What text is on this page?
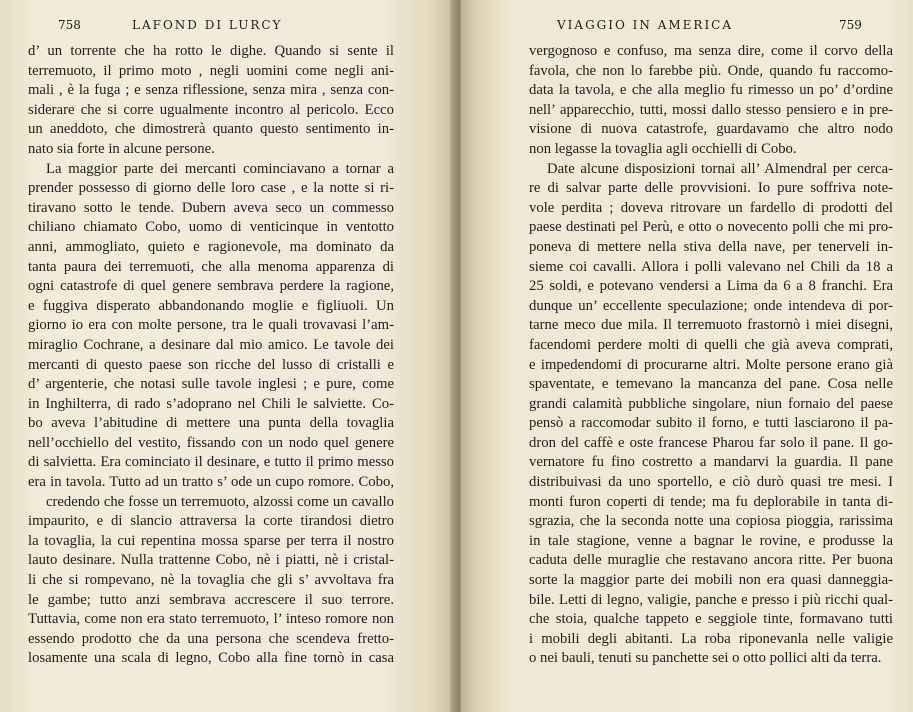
758	LAFOND DI LURCY
d’ un torrente che ha rotto le dighe. Quando si sente il
terremuoto, il primo moto , negli uomini come negli ani-
mali , è la fuga ; e senza riflessione, senza mira , senza con-
siderare che si corre ugualmente incontro al pericolo. Ecco
un aneddoto, che dimostrerà quanto questo sentimento in-
nato sia forte in alcune persone.
La maggior parte dei mercanti cominciavano a tornar a
prender possesso di giorno delle loro case , e la notte si ri-
tiravano sotto le tende. Dubern aveva seco un commesso
chiliano chiamato Cobo, uomo di venticinque in ventotto
anni, ammogliato, quieto e ragionevole, ma dominato da
tanta paura dei terremuoti, che alla menoma apparenza di
ogni catastrofe di quel genere sembrava perdere la ragione,
e fuggiva disperato abbandonando moglie e figliuoli. Un
giorno io era con molte persone, tra le quali trovavasi l’am-
miraglio Cochrane, a desinare dal mio amico. Le tavole dei
mercanti di questo paese son ricche del lusso di cristalli e
d’ argenterie, che notasi sulle tavole inglesi ; e pure, come
in Inghilterra, di rado s’adoprano nel Chili le salviette. Co-
bo aveva l’abitudine di mettere una punta della tovaglia
nell’occhiello del vestito, fissando con un nodo quel genere
di salvietta. Era cominciato il desinare, e tutto il primo messo
era in tavola. Tutto ad un tratto s’ ode un cupo romore. Cobo,
credendo che fosse un terremuoto, alzossi come un cavallo
impaurito, e di slancio attraversa la corte tirandosi dietro
la tovaglia, la cui repentina mossa sparse per terra il nostro
lauto desinare. Nulla trattenne Cobo, nè i piatti, nè i cristal-
li che si rompevano, nè la tovaglia che gli s’ avvoltava fra
le gambe; tutto anzi sembrava accrescere il suo terrore.
Tuttavia, come non era stato terremuoto, l’ inteso romore non
essendo prodotto che da una persona che scendeva fretto-
losamente una scala di legno, Cobo alla fine tornò in casa
VIAGGIO IN AMERICA	759
vergognoso e confuso, ma senza dire, come il corvo della
favola, che non lo farebbe più. Onde, quando fu raccomo-
data la tavola, e che alla meglio fu rimesso un po’ d’ordine
nell’ apparecchio, tutti, mossi dallo stesso pensiero e in pre-
visione di nuova catastrofe, guardavamo che altro nodo
non legasse la tovaglia agli occhielli di Cobo.
Date alcune disposizioni tornai all’ Almendral per cerca-
re di salvar parte delle provvisioni. Io pure soffriva note-
vole perdita ; doveva ritrovare un fardello di prodotti del
paese destinati pel Perù, e otto o novecento polli che mi pro-
poneva di mettere nella stiva della nave, per tenerveli in-
sieme coi cavalli. Allora i polli valevano nel Chili da 18 a
25 soldi, e potevano vendersi a Lima da 6 a 8 franchi. Era
dunque un’ eccellente speculazione; onde intendeva di por-
tarne meco due mila. Il terremuoto frastornò i miei disegni,
facendomi perdere molti di quelli che già aveva comprati,
e impedendomi di procurarne altri. Molte persone erano già
spaventate, e temevano la mancanza del pane. Cosa nelle
grandi calamità pubbliche singolare, niun fornaio del paese
pensò a raccomodar subito il forno, e tutti lasciarono il pa-
dron del caffè e oste francese Pharou far solo il pane. Il go-
vernatore fu fino costretto a mandarvi la guardia. Il pane
distribuivasi da uno sportello, e ciò durò quasi tre mesi. I
monti furon coperti di tende; ma fu deplorabile in tanta di-
sgrazia, che la seconda notte una copiosa pioggia, rarissima
in tale stagione, venne a bagnar le rovine, e produsse la
caduta delle muraglie che restavano ancora ritte. Per buona
sorte la maggior parte dei mobili non era quasi danneggia-
bile. Letti di legno, valigie, panche e presso i più ricchi qual-
che stoia, qualche tappeto e seggiole tinte, formavano tutti
i mobili degli abitanti. La roba riponevanla nelle valigie
o nei bauli, tenuti su panchette sei o otto pollici alti da terra.
